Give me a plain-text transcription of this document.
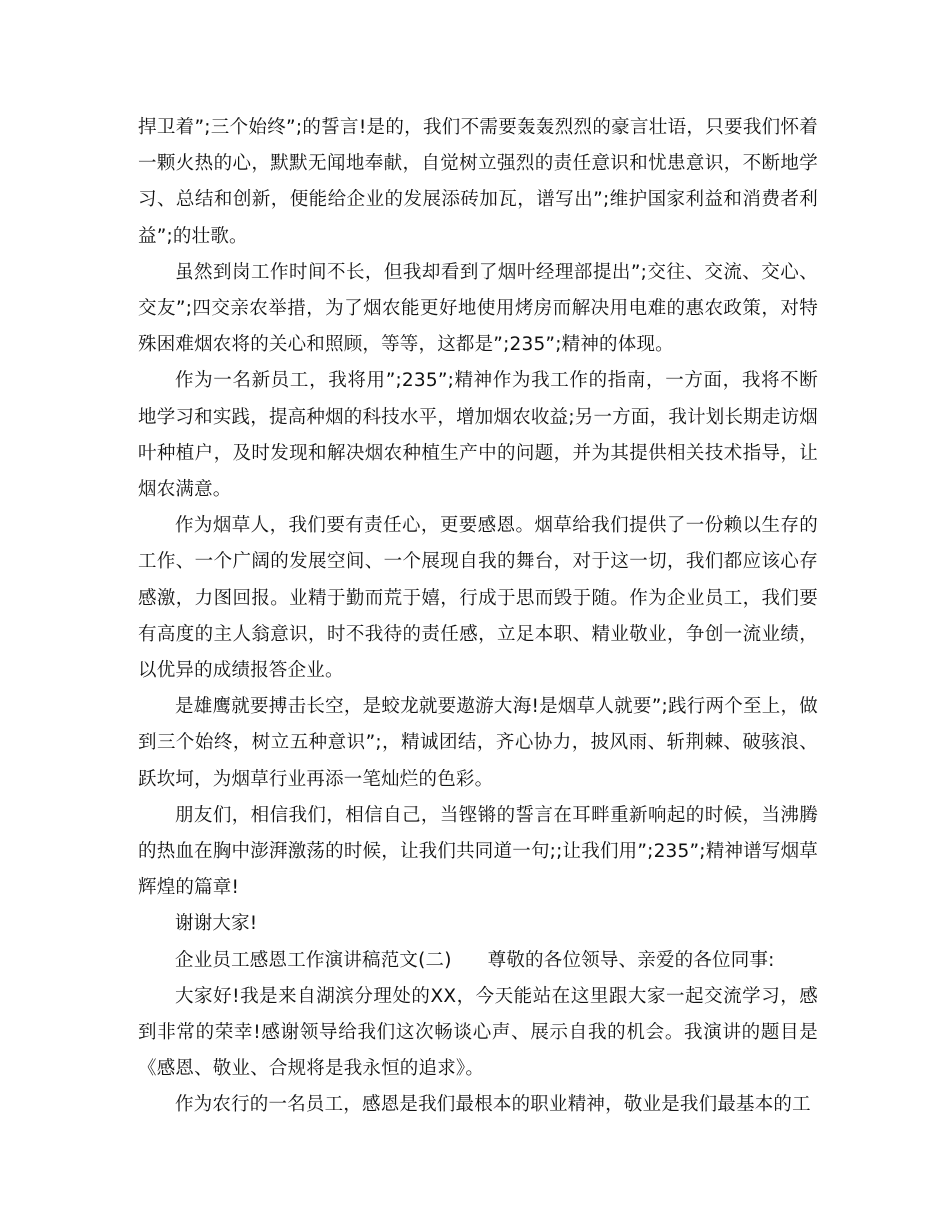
捍卫着”;三个始终”;的誓言!是的，我们不需要轰轰烈烈的豪言壮语，只要我们怀着一颗火热的心，默默无闻地奉献，自觉树立强烈的责任意识和忧患意识，不断地学习、总结和创新，便能给企业的发展添砖加瓦，谱写出”;维护国家利益和消费者利益”;的壮歌。

虽然到岗工作时间不长，但我却看到了烟叶经理部提出”;交往、交流、交心、交友”;四交亲农举措，为了烟农能更好地使用烤房而解决用电难的惠农政策，对特殊困难烟农将的关心和照顾，等等，这都是”;235”;精神的体现。

作为一名新员工，我将用”;235”;精神作为我工作的指南，一方面，我将不断地学习和实践，提高种烟的科技水平，增加烟农收益;另一方面，我计划长期走访烟叶种植户，及时发现和解决烟农种植生产中的问题，并为其提供相关技术指导，让烟农满意。

作为烟草人，我们要有责任心，更要感恩。烟草给我们提供了一份赖以生存的工作、一个广阔的发展空间、一个展现自我的舞台，对于这一切，我们都应该心存感激，力图回报。业精于勤而荒于嬉，行成于思而毁于随。作为企业员工，我们要有高度的主人翁意识，时不我待的责任感，立足本职、精业敬业，争创一流业绩，以优异的成绩报答企业。

是雄鹰就要搏击长空，是蛟龙就要遨游大海!是烟草人就要”;践行两个至上，做到三个始终，树立五种意识”;，精诚团结，齐心协力，披风雨、斩荆棘、破骇浪、跃坎坷，为烟草行业再添一笔灿烂的色彩。

朋友们，相信我们，相信自己，当铿锵的誓言在耳畔重新响起的时候，当沸腾的热血在胸中澎湃激荡的时候，让我们共同道一句;;让我们用”;235”;精神谱写烟草辉煌的篇章!

谢谢大家!

企业员工感恩工作演讲稿范文(二) 尊敬的各位领导、亲爱的各位同事:

大家好!我是来自湖滨分理处的XX，今天能站在这里跟大家一起交流学习，感到非常的荣幸!感谢领导给我们这次畅谈心声、展示自我的机会。我演讲的题目是《感恩、敬业、合规将是我永恒的追求》。

作为农行的一名员工，感恩是我们最根本的职业精神，敬业是我们最基本的工
